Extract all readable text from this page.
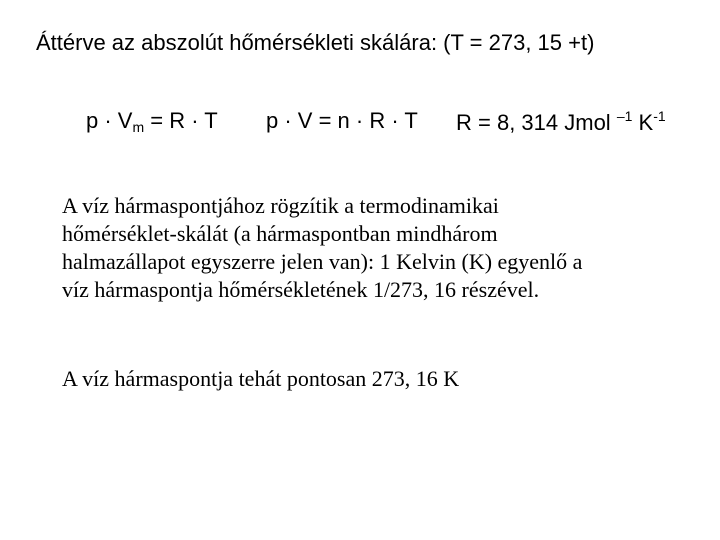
Áttérve az abszolút hőmérsékleti skálára: (T = 273, 15 +t)
$p \cdot V_m = R \cdot T$ p · V = n · R · T R = 8, 314 Jmol $^{-1}$ $K^{-1}$
A víz hármaspontjához rögzítik a termodinamikai
hőmérséklet-skálát (a hármaspontban mindhárom
halmazállapot egyszerre jelen van): 1 Kelvin (K) egyenlő a
víz hármaspontja hőmérsékletének 1/273, 16 részével.
A víz hármaspontja tehát pontosan 273, 16 K
